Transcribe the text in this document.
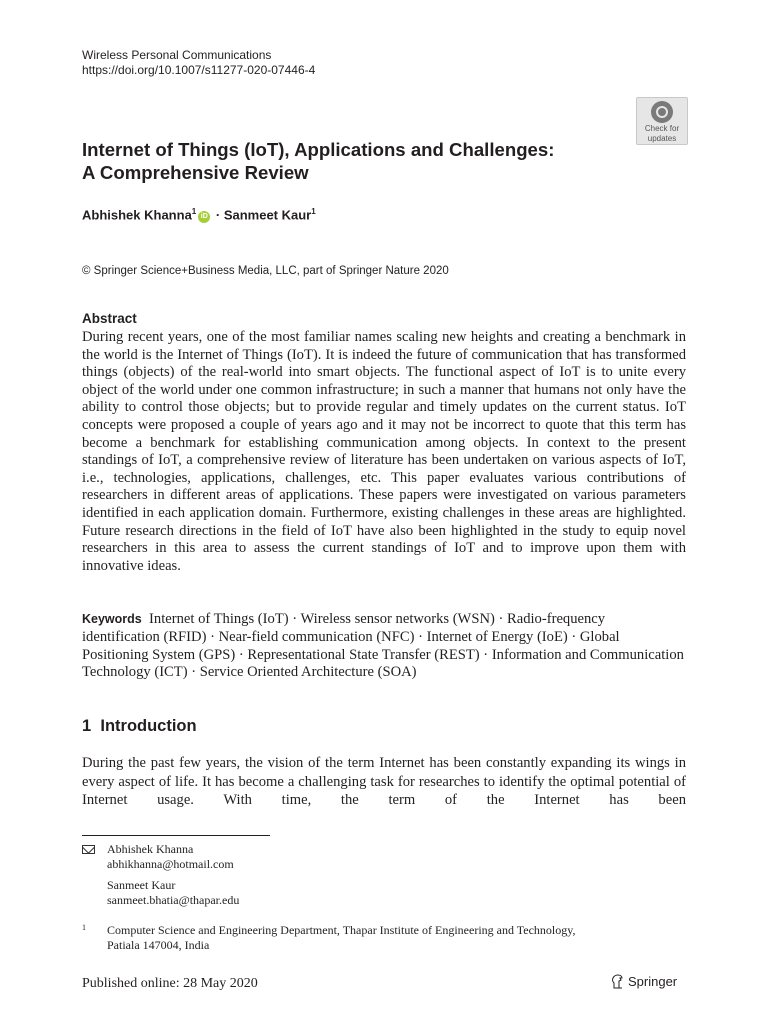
Wireless Personal Communications
https://doi.org/10.1007/s11277-020-07446-4
Check for
updates
Internet of Things (IoT), Applications and Challenges:
A Comprehensive Review
Abhishek Khanna$^1$iD · Sanmeet Kaur$^1$
© Springer Science+Business Media, LLC, part of Springer Nature 2020
Abstract
During recent years, one of the most familiar names scaling new heights and creating a benchmark in the world is the Internet of Things (IoT). It is indeed the future of communication that has transformed things (objects) of the real-world into smart objects. The functional aspect of IoT is to unite every object of the world under one common infrastructure; in such a manner that humans not only have the ability to control those objects; but to provide regular and timely updates on the current status. IoT concepts were proposed a couple of years ago and it may not be incorrect to quote that this term has become a benchmark for establishing communication among objects. In context to the present standings of IoT, a comprehensive review of literature has been undertaken on various aspects of IoT, i.e., technologies, applications, challenges, etc. This paper evaluates various contributions of researchers in different areas of applications. These papers were investigated on various parameters identified in each application domain. Furthermore, existing challenges in these areas are highlighted. Future research directions in the field of IoT have also been highlighted in the study to equip novel researchers in this area to assess the current standings of IoT and to improve upon them with innovative ideas.
Keywords Internet of Things (IoT) · Wireless sensor networks (WSN) · Radio-frequency identification (RFID) · Near-field communication (NFC) · Internet of Energy (IoE) · Global Positioning System (GPS) · Representational State Transfer (REST) · Information and Communication Technology (ICT) · Service Oriented Architecture (SOA)
1 Introduction
During the past few years, the vision of the term Internet has been constantly expanding its wings in every aspect of life. It has become a challenging task for researches to identify the optimal potential of Internet usage. With time, the term of the Internet has been
Abhishek Khanna
abhikhanna@hotmail.com
Sanmeet Kaur
sanmeet.bhatia@thapar.edu
1 Computer Science and Engineering Department, Thapar Institute of Engineering and Technology,
Patiala 147004, India
Published online: 28 May 2020	Springer
